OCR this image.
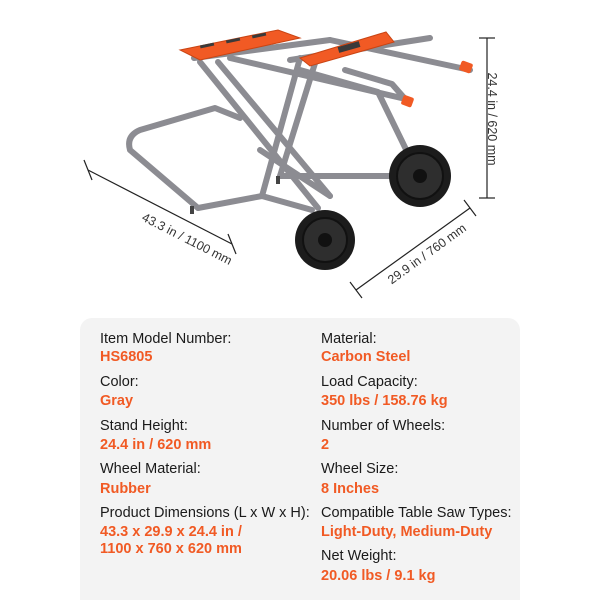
24.4 in / 620 mm
43.3 in / 1100 mm	29.9 in / 760 mm
Item Model Number:
HS6805
Color:
Gray
Stand Height:
24.4 in / 620 mm
Wheel Material:
Rubber
Product Dimensions (L x W x H):
43.3 x 29.9 x 24.4 in /
1100 x 760 x 620 mm
Material:
Carbon Steel
Load Capacity:
350 lbs / 158.76 kg
Number of Wheels:
2
Wheel Size:
8 Inches
Compatible Table Saw Types:
Light-Duty, Medium-Duty
Net Weight:
20.06 lbs / 9.1 kg
